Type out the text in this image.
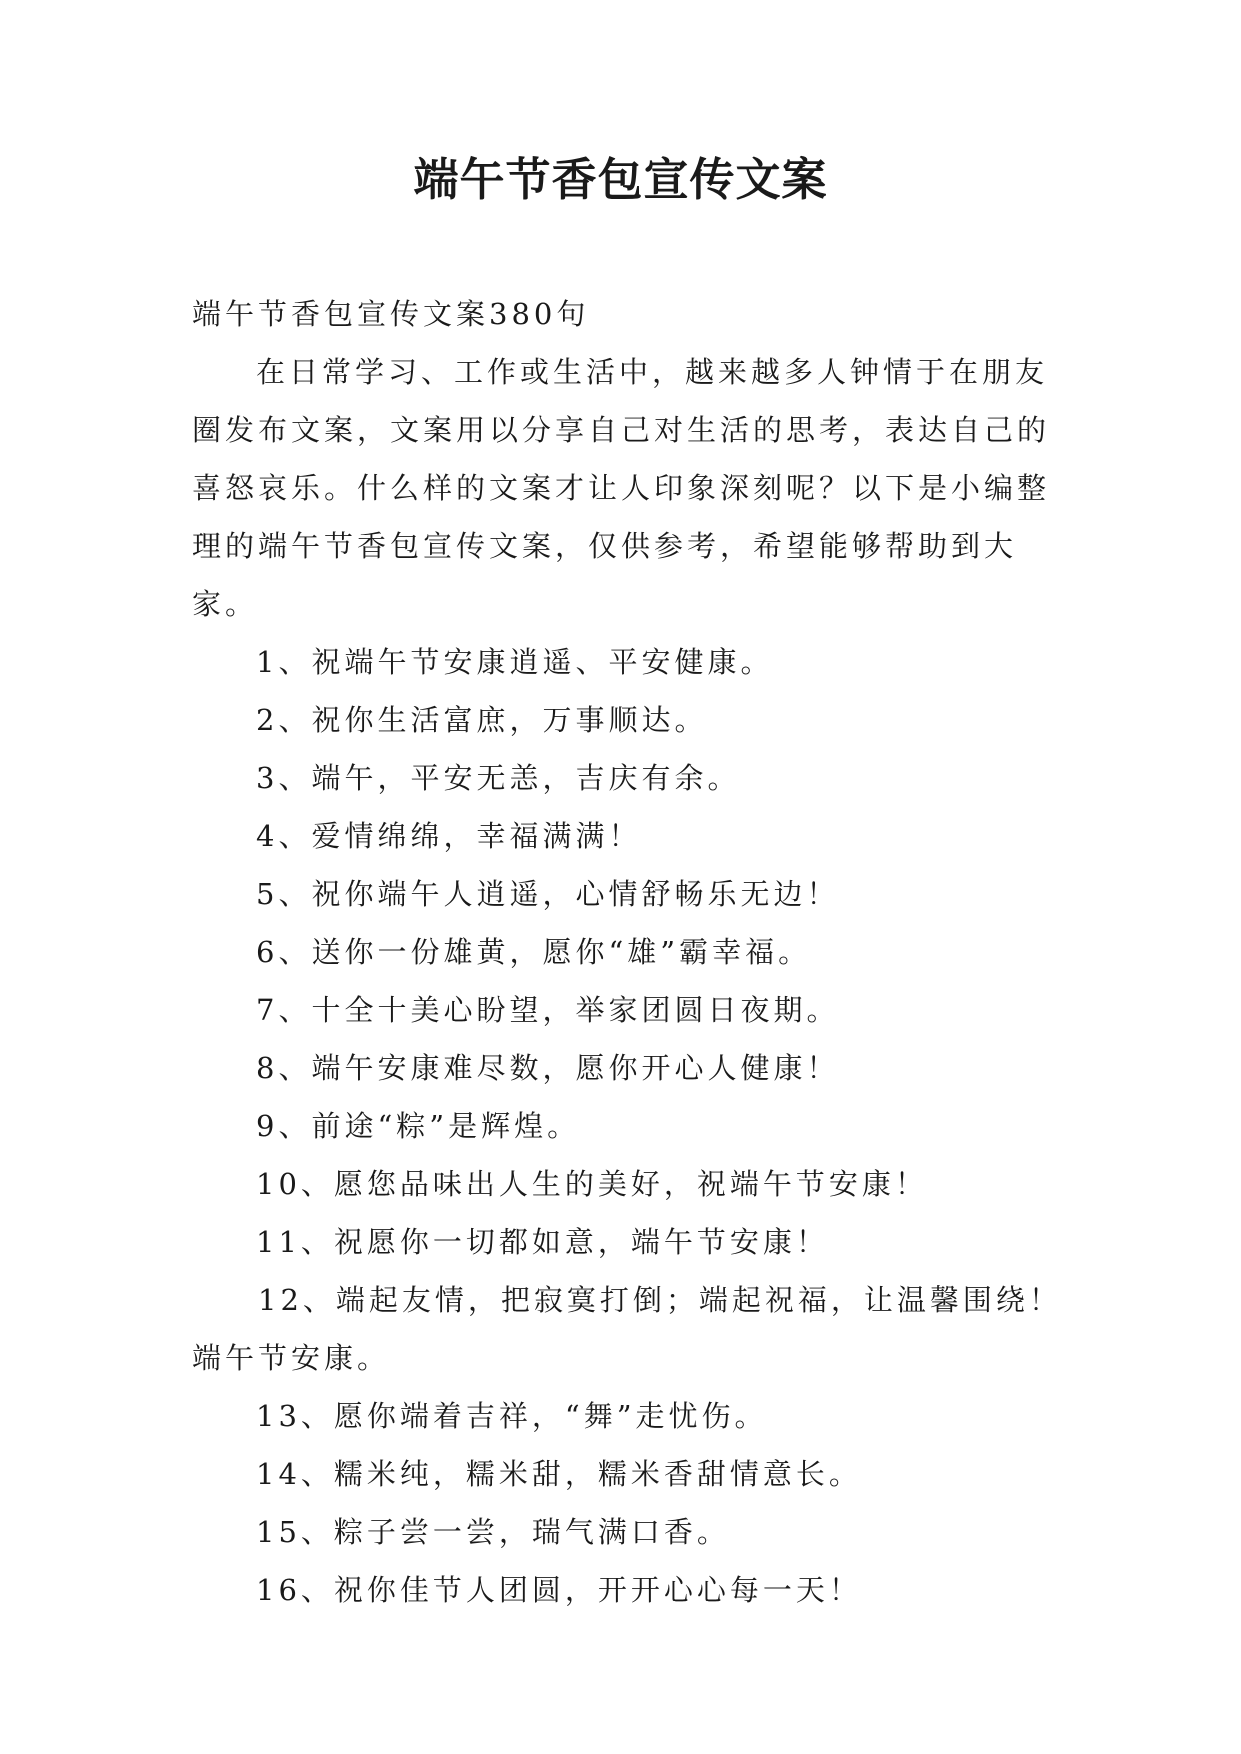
端午节香包宣传文案

端午节香包宣传文案380句

在日常学习、工作或生活中，越来越多人钟情于在朋友圈发布文案，文案用以分享自己对生活的思考，表达自己的喜怒哀乐。什么样的文案才让人印象深刻呢？以下是小编整理的端午节香包宣传文案，仅供参考，希望能够帮助到大家。

1、祝端午节安康逍遥、平安健康。

2、祝你生活富庶，万事顺达。

3、端午，平安无恙，吉庆有余。

4、爱情绵绵，幸福满满！

5、祝你端午人逍遥，心情舒畅乐无边！

6、送你一份雄黄，愿你“雄”霸幸福。

7、十全十美心盼望，举家团圆日夜期。

8、端午安康难尽数，愿你开心人健康！

9、前途“粽”是辉煌。

10、愿您品味出人生的美好，祝端午节安康！

11、祝愿你一切都如意，端午节安康！

12、端起友情，把寂寞打倒；端起祝福，让温馨围绕！端午节安康。

13、愿你端着吉祥，“舞”走忧伤。

14、糯米纯，糯米甜，糯米香甜情意长。

15、粽子尝一尝，瑞气满口香。

16、祝你佳节人团圆，开开心心每一天！
